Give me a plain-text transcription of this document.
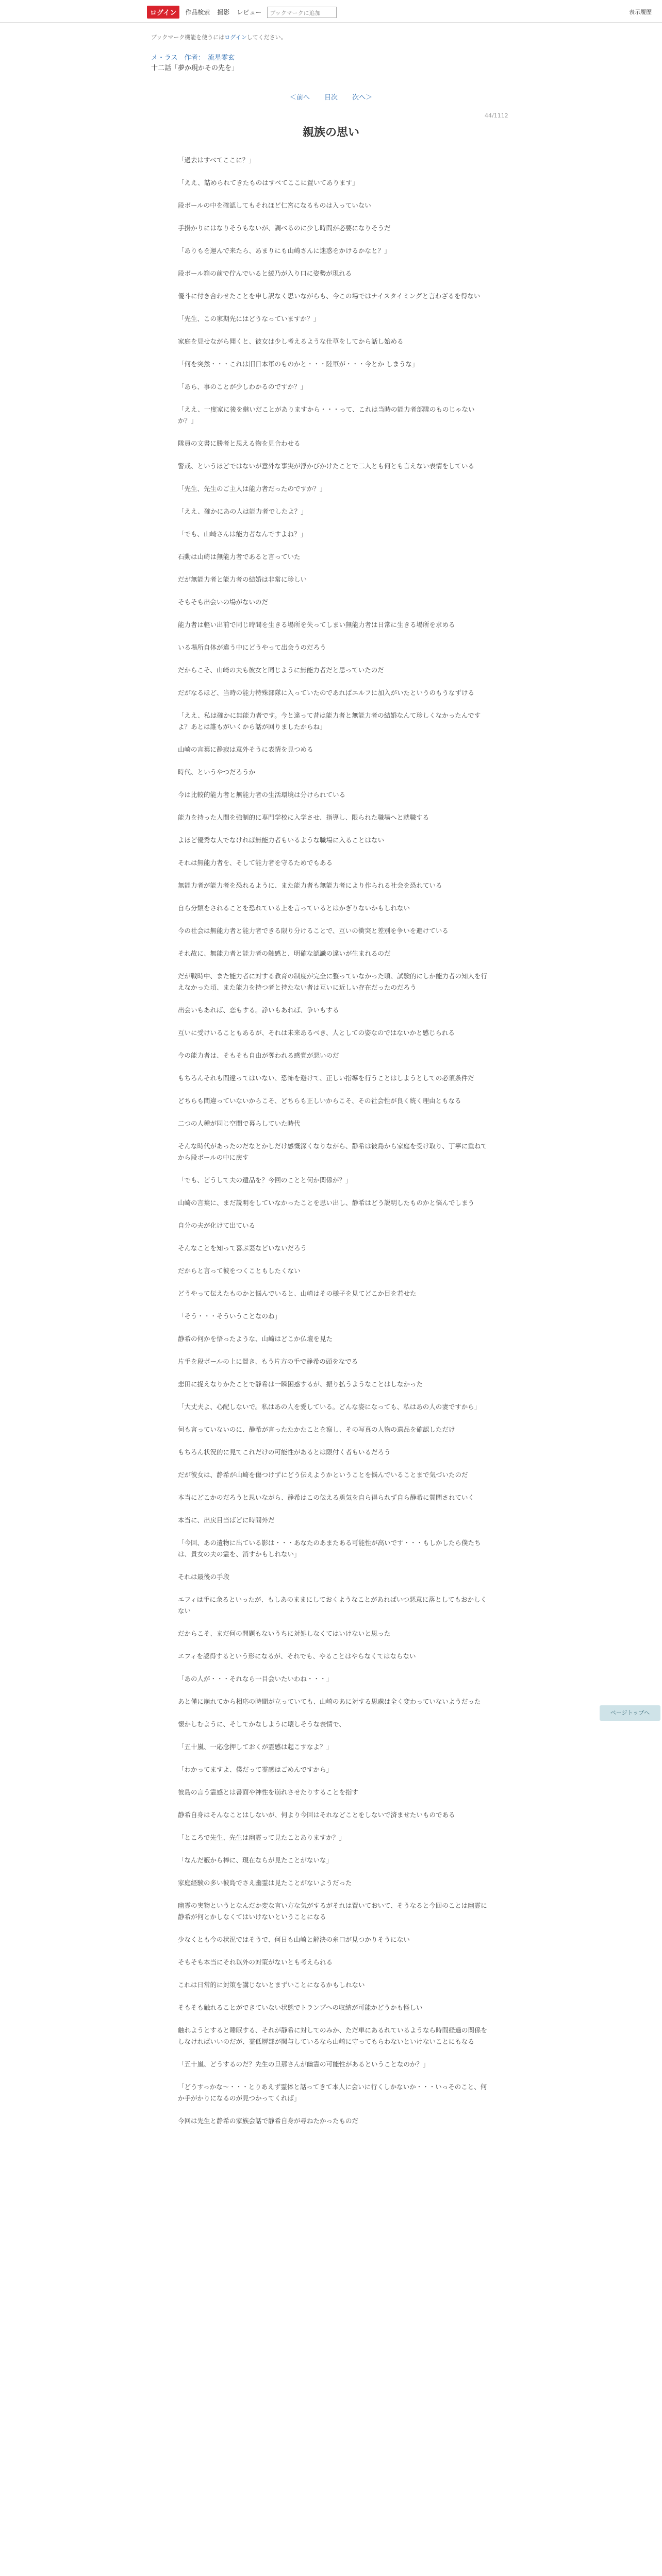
ログイン	作品検索 撮影 レビュー	ブックマークに追加	表示履歴
ブックマーク機能を使うにはログインしてください。
メ・ラス　作者：　流星零玄
十二話「夢か現かその先を」
＜前へ 目次 次へ＞
44/1112
親族の思い

「過去はすべてここに？」

「ええ、詰められてきたものはすべてここに置いてあります」

段ボールの中を確認してもそれほど仁宮になるものは入っていない

手掛かりにはなりそうもないが、調べるのに少し時間が必要になりそうだ

「ありもを運んで来たら、あまりにも山崎さんに迷惑をかけるかなと？」

段ボール箱の前で佇んでいると綾乃が入り口に姿勢が現れる

優斗に付き合わせたことを申し訳なく思いながらも、今この場ではナイスタイミングと言わざるを得ない

「先生、この家期先にはどうなっていますか？」

家庭を見せながら聞くと、彼女は少し考えるような仕草をしてから話し始める

「何を突然・・・これは旧日本軍のものかと・・・陸軍が・・・今とか しまうな」

「あら、事のことが少しわかるのですか？」

「ええ、一度家に後を継いだことがありますから・・・って、これは当時の能力者部隊のものじゃないか？」

隊員の文書に勝者と思える物を見合わせる

警戒、というほどではないが意外な事実が浮かびかけたことで二人とも何とも言えない表情をしている

「先生、先生のご主人は能力者だったのですか？」

「ええ、確かにあの人は能力者でしたよ？」

「でも、山崎さんは能力者なんですよね？」

石動は山崎は無能力者であると言っていた

だが無能力者と能力者の結婚は非常に珍しい

そもそも出会いの場がないのだ

能力者は軽い出前で同じ時間を生きる場所を失ってしまい無能力者は日常に生きる場所を求める

いる場所自体が違う中にどうやって出会うのだろう

だからこそ、山崎の夫も彼女と同じように無能力者だと思っていたのだ

だがなるほど、当時の能力特殊部隊に入っていたのであればエルフに加入がいたというのもうなずける

「ええ、私は確かに無能力者です。今と違って昔は能力者と無能力者の結婚なんて珍しくなかったんですよ？あとは誰もがいくから話が回りましたからね」

山崎の言葉に静寂は意外そうに表情を見つめる

時代、というやつだろうか

今は比較的能力者と無能力者の生活環境は分けられている

能力を持った人間を強制的に専門学校に入学させ、指導し、限られた職場へと就職する

よほど優秀な人でなければ無能力者もいるような職場に入ることはない

それは無能力者を、そして能力者を守るためでもある

無能力者が能力者を恐れるように、また能力者も無能力者により作られる社会を恐れている

自ら分類をされることを恐れている上を言っているとはかぎりないかもしれない

今の社会は無能力者と能力者できる限り分けることで、互いの衝突と差別を争いを避けている

それ故に、無能力者と能力者の触感と、明確な認識の違いが生まれるのだ

だが戦時中、また能力者に対する教育の制度が完全に整っていなかった頃、試験的にしか能力者の知人を行えなかった頃、また能力を持つ者と持たない者は互いに近しい存在だったのだろう

出会いもあれば、恋もする。諍いもあれば、争いもする

互いに受けいることもあるが、それは未来あるべき、人としての姿なのではないかと感じられる

今の能力者は、そもそも自由が奪われる感覚が悪いのだ

もちろんそれも間違ってはいない、恐怖を避けて、正しい指導を行うことはしようとしての必須条件だ

どちらも間違っていないからこそ、どちらも正しいからこそ、その社会性が良く統く理由ともなる

二つの人種が同じ空間で暮らしていた時代

そんな時代があったのだなとかしだけ感慨深くなりながら、静希は彼島から家庭を受け取り、丁寧に重ねてから段ボールの中に戻す

「でも、どうして夫の遺品を？今回のことと何か関係が？」

山崎の言葉に、まだ説明をしていなかったことを思い出し、静希はどう説明したものかと悩んでしまう

自分の夫が化けて出ている

そんなことを知って喜ぶ妻などいないだろう

だからと言って彼をつくこともしたくない

どうやって伝えたものかと悩んでいると、山崎はその様子を見てどこか目を若せた

「そう・・・そういうことなのね」

静希の何かを悟ったような、山崎はどこか仏壇を見た

片手を段ボールの上に置き、もう片方の手で静希の頭をなでる

悲田に捉えなりかたことで静希は一瞬困惑するが、振り払うようなことはしなかった

「大丈夫よ、心配しないで。私はあの人を愛している。どんな姿になっても、私はあの人の妻ですから」

何も言っていないのに、静希が言ったたかたことを察し、その写真の人物の遺品を確認しただけ

もちろん状況的に見てこれだけの可能性があるとは限付く者もいるだろう

だが彼女は、静希が山崎を傷つけずにどう伝えようかということを悩んでいることまで気づいたのだ

本当にどこかのだろうと思いながら、静希はこの伝える勇気を自ら得られず自ら静希に質問されていく

本当に、出戻目当ばどに時間外だ

「今回、あの遺物に出ている影は・・・あなたのあまたある可能性が高いです・・・もしかしたら僕たちは、貴女の夫の霊を、消すかもしれない」

それは最後の手段

エフィは手に余るといったが、もしあのままにしておくようなことがあればいつ悪意に落としてもおかしくない

だからこそ、まだ何の問題もないうちに対処しなくてはいけないと思った

エフィを認得するという形になるが、それでも、やることはやらなくてはならない

「あの人が・・・それなら一目会いたいわね・・・」

あと僅に崩れてから相応の時間が立っていても、山崎のあに対する思慮は全く変わっていないようだった

懐かしむように、そしてかなしように壊しそうな表情で、

「五十嵐、一応念押しておくが霊感は起こすなよ？」

「わかってますよ、僕だって霊感はごめんですから」

彼島の言う霊感とは書面や神性を崩れさせたりすることを指す

静希自身はそんなことはしないが、何より今回はそれなどことをしないで済ませたいものである

「ところで先生、先生は幽霊って見たことありますか？」

「なんだ藪から棒に、現在ならが見たことがないな」

家庭経験の多い彼島でさえ幽霊は見たことがないようだった

幽霊の実物というとなんだか変な言い方な気がするがそれは置いておいて、そうなると今回のことは幽霊に静希が何とかしなくてはいけないということになる

少なくとも今の状況ではそうで、何日も山崎と解決の糸口が見つかりそうにない

そもそも本当にそれ以外の対策がないとも考えられる

これは日常的に対策を講じないとまずいことになるかもしれない

そもそも触れることができていない状態でトランプへの収納が可能かどうかも怪しい

触れようとすると睡眠する、それが静希に対してのみか、ただ単にあるれているようなら時間経過の関係をしなければいいのだが、霊低層部が関与しているなら山崎に守ってもらわないといけないことにもなる

「五十嵐、どうするのだ？先生の旦那さんが幽霊の可能性があるということなのか？」

「どうすっかな～・・・とりあえず霊体と話ってきて本人に会いに行くしかないか・・・いっそのこと、何か手がかりになるのが見つかってくれば」

今回は先生と静希の家族会話で静希自身が尋ねたかったものだ

ページトップへ
